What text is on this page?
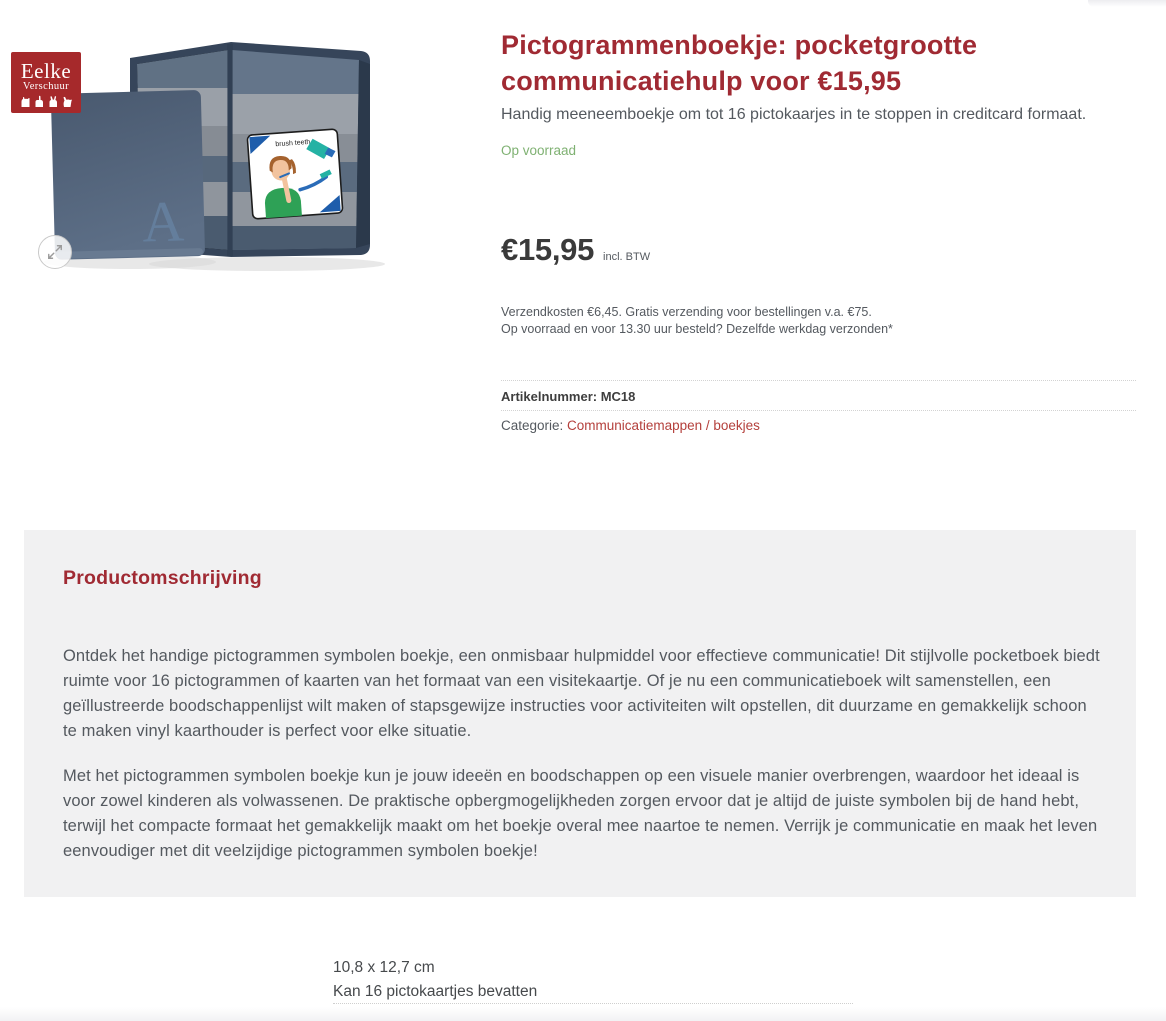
brush teeth
A
Eelke
Verschuur
Pictogrammenboekje: pocketgrootte communicatiehulp voor €15,95
Handig meeneemboekje om tot 16 pictokaarjes in te stoppen in creditcard formaat.
Op voorraad
€15,95 incl. BTW
Verzendkosten €6,45. Gratis verzending voor bestellingen v.a. €75.
Op voorraad en voor 13.30 uur besteld? Dezelfde werkdag verzonden*
Artikelnummer: MC18
Categorie: Communicatiemappen / boekjes
Productomschrijving

Ontdek het handige pictogrammen symbolen boekje, een onmisbaar hulpmiddel voor effectieve communicatie! Dit stijlvolle pocketboek biedt ruimte voor 16 pictogrammen of kaarten van het formaat van een visitekaartje. Of je nu een communicatieboek wilt samenstellen, een geïllustreerde boodschappenlijst wilt maken of stapsgewijze instructies voor activiteiten wilt opstellen, dit duurzame en gemakkelijk schoon te maken vinyl kaarthouder is perfect voor elke situatie.

Met het pictogrammen symbolen boekje kun je jouw ideeën en boodschappen op een visuele manier overbrengen, waardoor het ideaal is voor zowel kinderen als volwassenen. De praktische opbergmogelijkheden zorgen ervoor dat je altijd de juiste symbolen bij de hand hebt, terwijl het compacte formaat het gemakkelijk maakt om het boekje overal mee naartoe te nemen. Verrijk je communicatie en maak het leven eenvoudiger met dit veelzijdige pictogrammen symbolen boekje!

10,8 x 12,7 cm
Kan 16 pictokaartjes bevatten
